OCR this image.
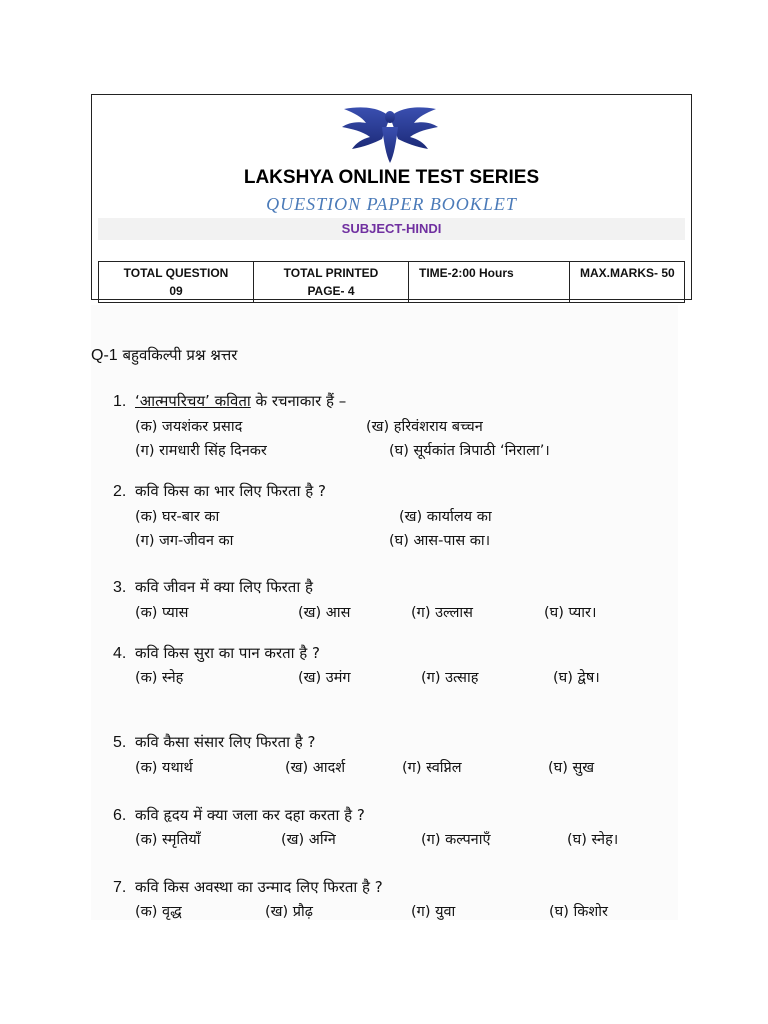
LAKSHYA ONLINE TEST SERIES
QUESTION PAPER BOOKLET
SUBJECT-HINDI
TOTAL QUESTION
09

TOTAL PRINTED
PAGE- 4

TIME-2:00 Hours	MAX.MARKS- 50
Q-1 बहुवकिल्पी प्रश्न श्नत्तर
1. ‘आत्मपरिचय’ कविता के रचनाकार हैं –
(क) जयशंकर प्रसाद	(ख) हरिवंशराय बच्चन
(ग) रामधारी सिंह दिनकर	(घ) सूर्यकांत त्रिपाठी ‘निराला’।
2. कवि किस का भार लिए फिरता है ?
(क) घर-बार का	(ख) कार्यालय का
(ग) जग-जीवन का	(घ) आस-पास का।
3. कवि जीवन में क्या लिए फिरता है
(क) प्यास	(ख) आस	(ग) उल्लास	(घ) प्यार।
4. कवि किस सुरा का पान करता है ?
(क) स्नेह	(ख) उमंग	(ग) उत्साह	(घ) द्वेष।
5. कवि कैसा संसार लिए फिरता है ?
(क) यथार्थ	(ख) आदर्श	(ग) स्वप्निल	(घ) सुख
6. कवि हृदय में क्या जला कर दहा करता है ?
(क) स्मृतियाँ	(ख) अग्नि	(ग) कल्पनाएँ	(घ) स्नेह।
7. कवि किस अवस्था का उन्माद लिए फिरता है ?
(क) वृद्ध	(ख) प्रौढ़	(ग) युवा	(घ) किशोर
